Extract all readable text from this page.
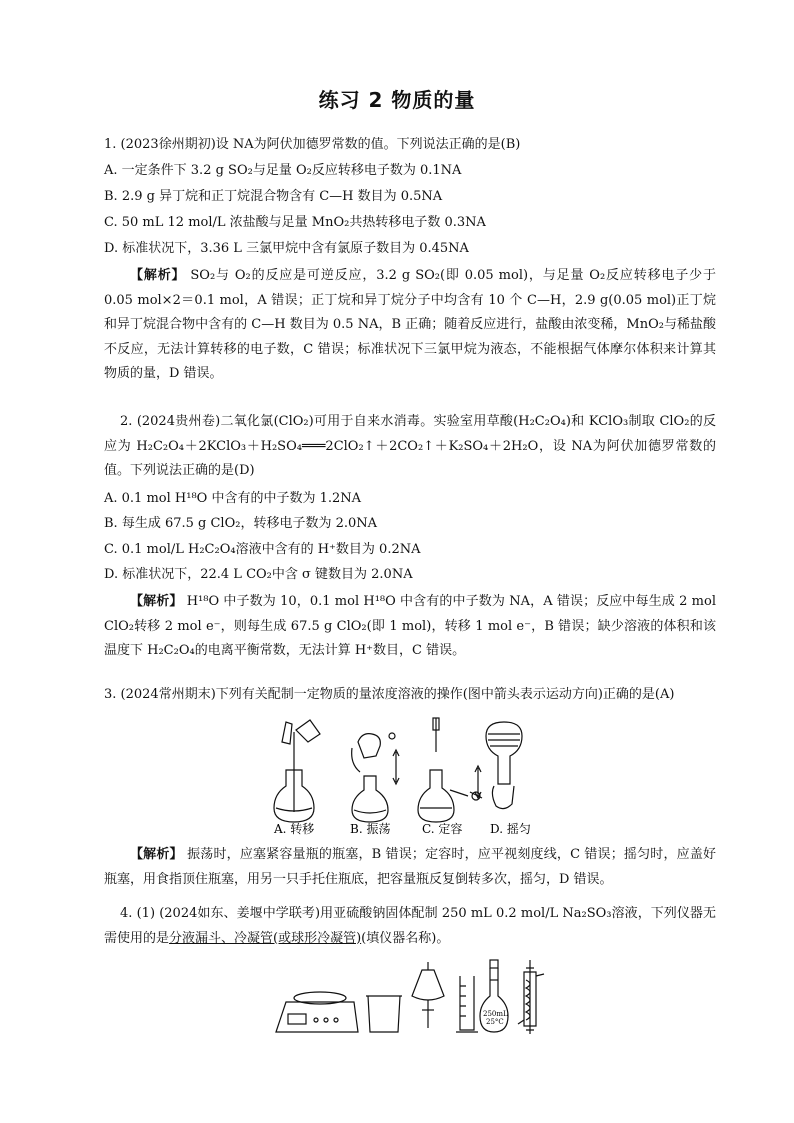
练习 2 物质的量
1. (2023徐州期初)设 NA为阿伏加德罗常数的值。下列说法正确的是(B)
A. 一定条件下 3.2 g SO₂与足量 O₂反应转移电子数为 0.1NA
B. 2.9 g 异丁烷和正丁烷混合物含有 C—H 数目为 0.5NA
C. 50 mL 12 mol/L 浓盐酸与足量 MnO₂共热转移电子数 0.3NA
D. 标准状况下，3.36 L 三氯甲烷中含有氯原子数目为 0.45NA
【解析】 SO₂与 O₂的反应是可逆反应，3.2 g SO₂(即 0.05 mol)，与足量 O₂反应转移电子少于 0.05 mol×2＝0.1 mol，A 错误；正丁烷和异丁烷分子中均含有 10 个 C—H，2.9 g(0.05 mol)正丁烷和异丁烷混合物中含有的 C—H 数目为 0.5 NA，B 正确；随着反应进行，盐酸由浓变稀，MnO₂与稀盐酸不反应，无法计算转移的电子数，C 错误；标准状况下三氯甲烷为液态，不能根据气体摩尔体积来计算其物质的量，D 错误。
2. (2024贵州卷)二氧化氯(ClO₂)可用于自来水消毒。实验室用草酸(H₂C₂O₄)和 KClO₃制取 ClO₂的反应为 H₂C₂O₄＋2KClO₃＋H₂SO₄═══2ClO₂↑＋2CO₂↑＋K₂SO₄＋2H₂O，设 NA为阿伏加德罗常数的值。下列说法正确的是(D)
A. 0.1 mol H¹⁸O 中含有的中子数为 1.2NA
B. 每生成 67.5 g ClO₂，转移电子数为 2.0NA
C. 0.1 mol/L H₂C₂O₄溶液中含有的 H⁺数目为 0.2NA
D. 标准状况下，22.4 L CO₂中含 σ 键数目为 2.0NA
【解析】 H¹⁸O 中子数为 10，0.1 mol H¹⁸O 中含有的中子数为 NA，A 错误；反应中每生成 2 mol ClO₂转移 2 mol e⁻，则每生成 67.5 g ClO₂(即 1 mol)，转移 1 mol e⁻，B 错误；缺少溶液的体积和该温度下 H₂C₂O₄的电离平衡常数，无法计算 H⁺数目，C 错误。
3. (2024常州期末)下列有关配制一定物质的量浓度溶液的操作(图中箭头表示运动方向)正确的是(A)
A. 转移	B. 振荡	C. 定容 D. 摇匀
【解析】 振荡时，应塞紧容量瓶的瓶塞，B 错误；定容时，应平视刻度线，C 错误；摇匀时，应盖好瓶塞，用食指顶住瓶塞，用另一只手托住瓶底，把容量瓶反复倒转多次，摇匀，D 错误。
4. (1) (2024如东、姜堰中学联考)用亚硫酸钠固体配制 250 mL 0.2 mol/L Na₂SO₃溶液，下列仪器无需使用的是分液漏斗、冷凝管(或球形冷凝管)(填仪器名称)。
250mL
25°C
